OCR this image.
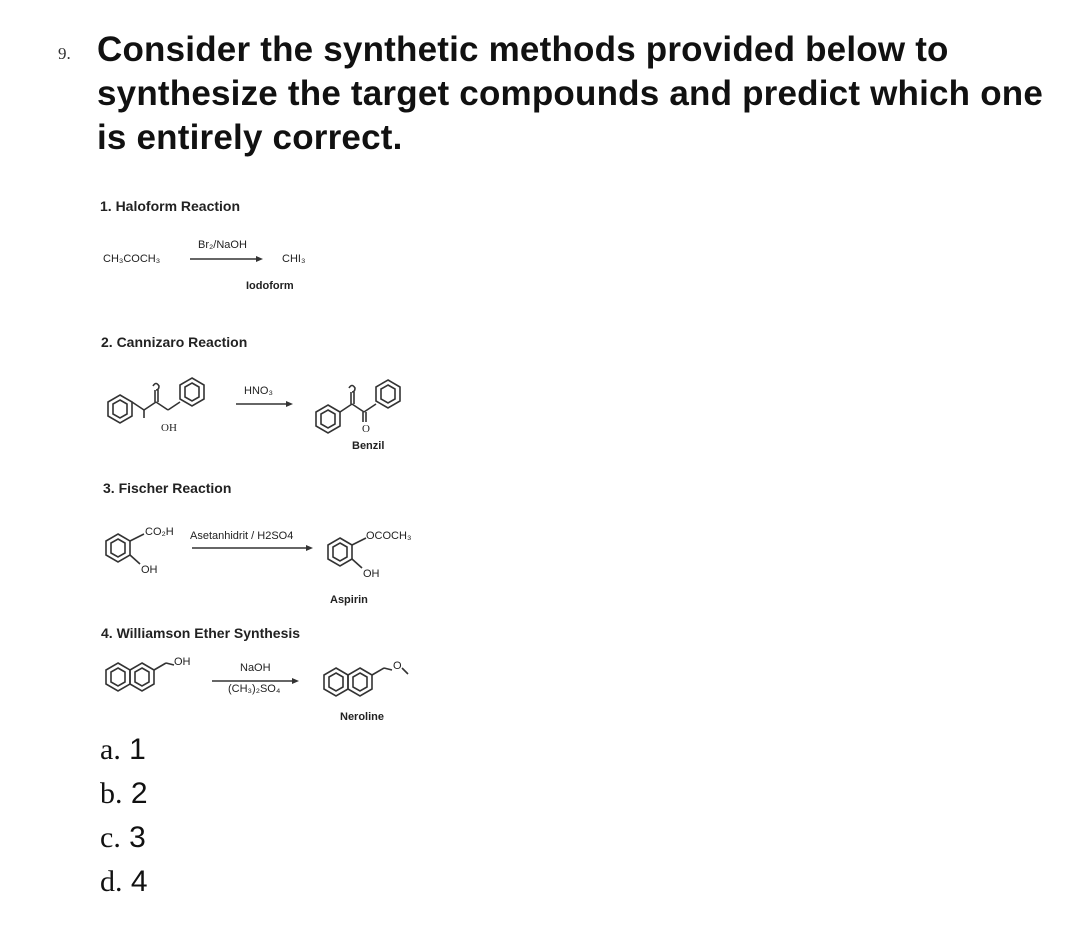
9. Consider the synthetic methods provided below to synthesize the target compounds and predict which one is entirely correct.
1. Haloform Reaction
CH₃COCH₃
Br₂/NaOH
CHI₃
Iodoform
2. Cannizaro Reaction
OH
HNO₃
O
Benzil
3. Fischer Reaction
CO₂H
OH
Asetanhidrit / H2SO4	OCOCH₃
OH
Aspirin
4. Williamson Ether Synthesis
OH	NaOH
(CH₃)₂SO₄
O
Neroline
a. 1
b. 2
c. 3
d. 4
